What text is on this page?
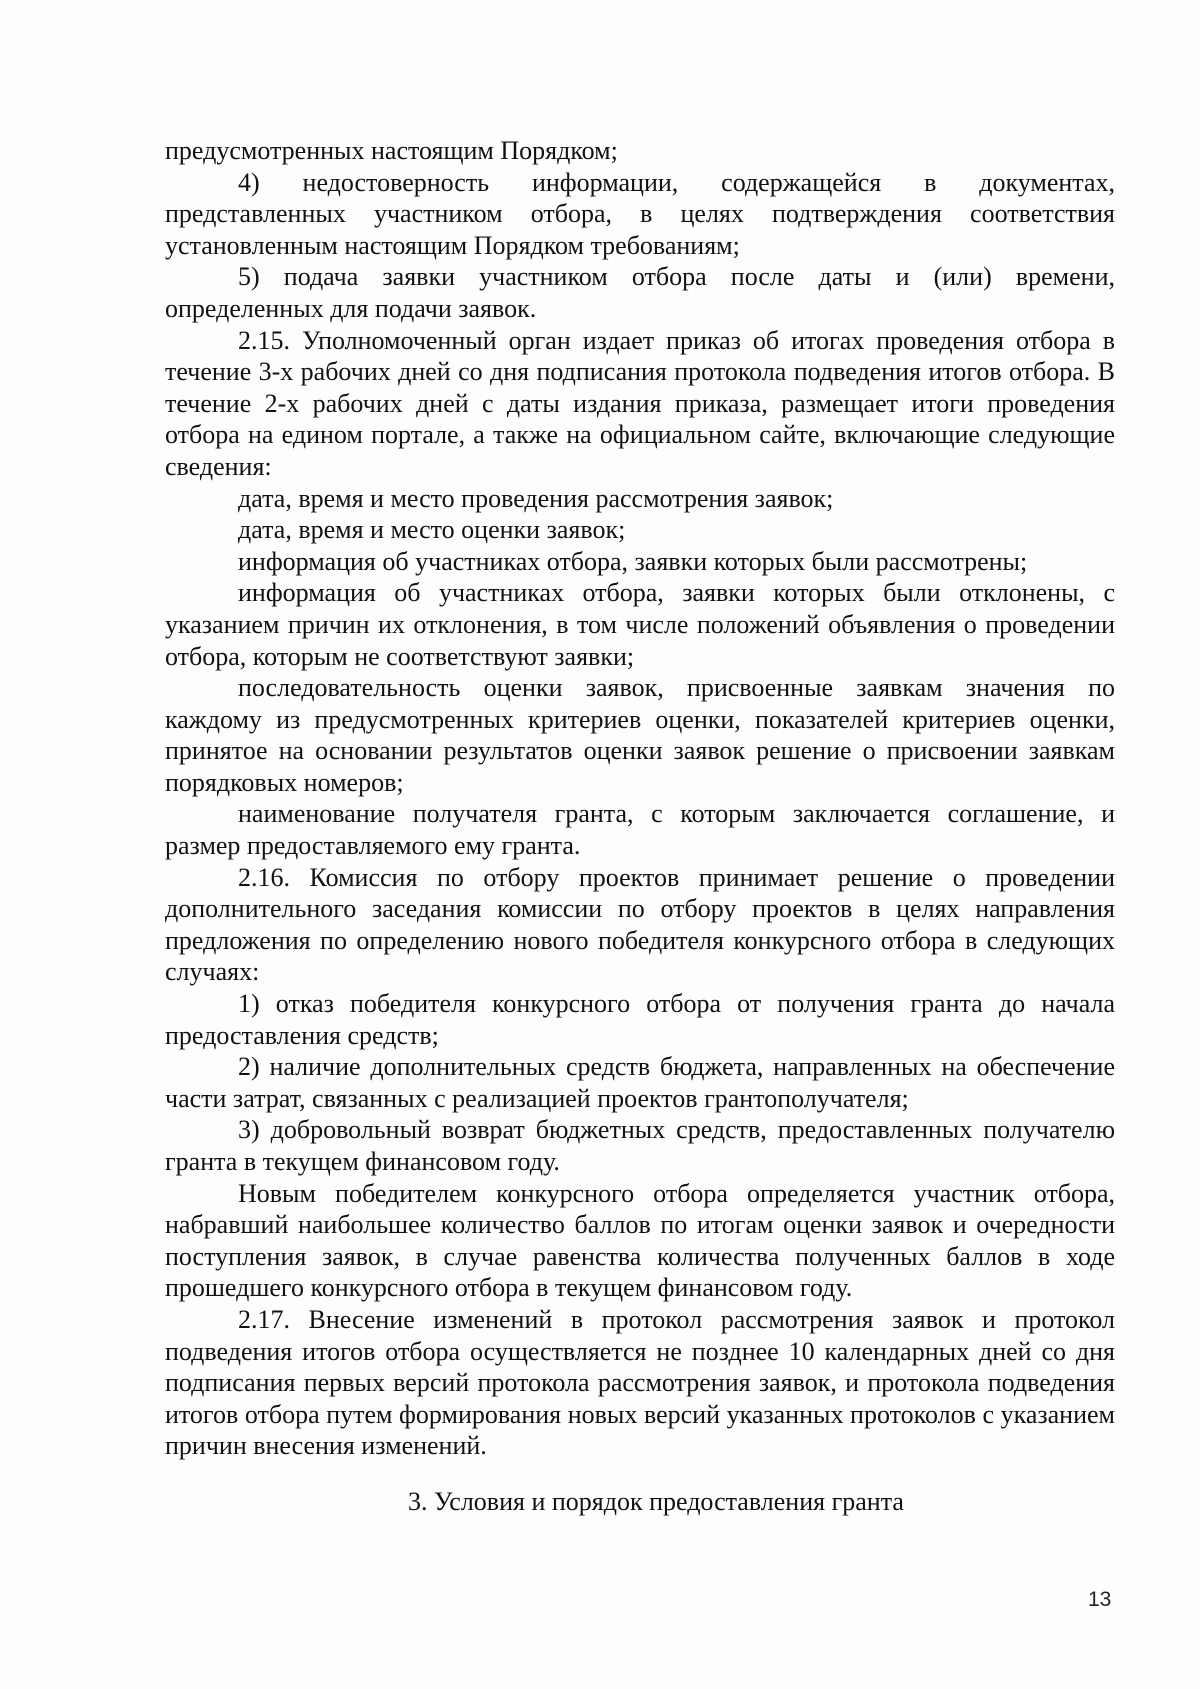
предусмотренных настоящим Порядком;

4) недостоверность информации, содержащейся в документах, представленных участником отбора, в целях подтверждения соответствия установленным настоящим Порядком требованиям;

5) подача заявки участником отбора после даты и (или) времени, определенных для подачи заявок.

2.15. Уполномоченный орган издает приказ об итогах проведения отбора в течение 3-х рабочих дней со дня подписания протокола подведения итогов отбора. В течение 2-х рабочих дней с даты издания приказа, размещает итоги проведения отбора на едином портале, а также на официальном сайте, включающие следующие сведения:

дата, время и место проведения рассмотрения заявок;

дата, время и место оценки заявок;

информация об участниках отбора, заявки которых были рассмотрены;

информация об участниках отбора, заявки которых были отклонены, с указанием причин их отклонения, в том числе положений объявления о проведении отбора, которым не соответствуют заявки;

последовательность оценки заявок, присвоенные заявкам значения по каждому из предусмотренных критериев оценки, показателей критериев оценки, принятое на основании результатов оценки заявок решение о присвоении заявкам порядковых номеров;

наименование получателя гранта, с которым заключается соглашение, и размер предоставляемого ему гранта.

2.16. Комиссия по отбору проектов принимает решение о проведении дополнительного заседания комиссии по отбору проектов в целях направления предложения по определению нового победителя конкурсного отбора в следующих случаях:

1) отказ победителя конкурсного отбора от получения гранта до начала предоставления средств;

2) наличие дополнительных средств бюджета, направленных на обеспечение части затрат, связанных с реализацией проектов грантополучателя;

3) добровольный возврат бюджетных средств, предоставленных получателю гранта в текущем финансовом году.

Новым победителем конкурсного отбора определяется участник отбора, набравший наибольшее количество баллов по итогам оценки заявок и очередности поступления заявок, в случае равенства количества полученных баллов в ходе прошедшего конкурсного отбора в текущем финансовом году.

2.17. Внесение изменений в протокол рассмотрения заявок и протокол подведения итогов отбора осуществляется не позднее 10 календарных дней со дня подписания первых версий протокола рассмотрения заявок, и протокола подведения итогов отбора путем формирования новых версий указанных протоколов с указанием причин внесения изменений.

3. Условия и порядок предоставления гранта

13
